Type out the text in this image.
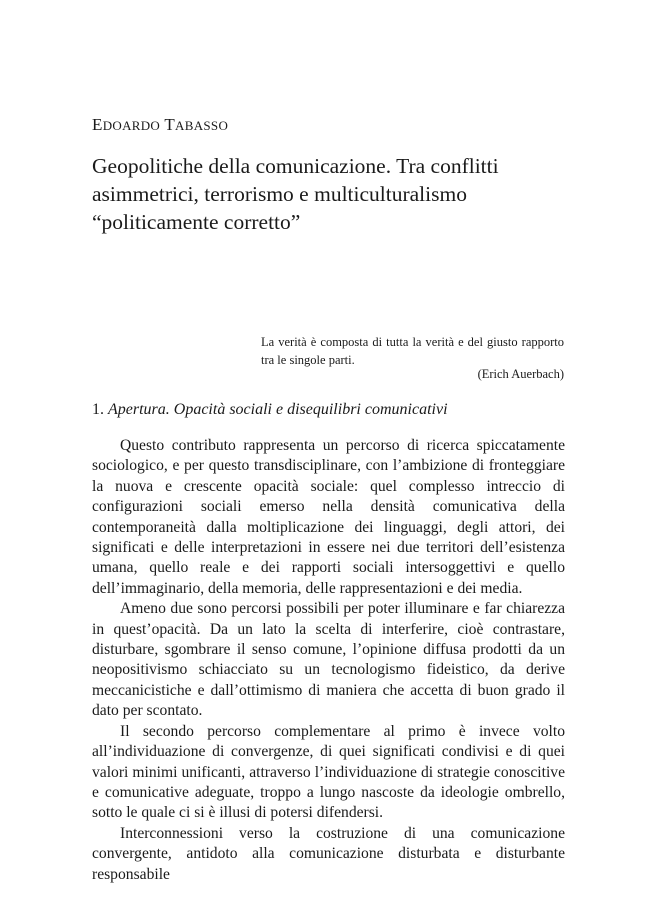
EDOARDO TABASSO
Geopolitiche della comunicazione. Tra conflitti asimmetrici, terrorismo e multiculturalismo “politicamente corretto”

La verità è composta di tutta la verità e del giusto rapporto tra le singole parti.

(Erich Auerbach)

1. Apertura. Opacità sociali e disequilibri comunicativi

Questo contributo rappresenta un percorso di ricerca spiccatamente sociologico, e per questo transdisciplinare, con l’ambizione di fronteggiare la nuova e crescente opacità sociale: quel complesso intreccio di configurazioni sociali emerso nella densità comunicativa della contemporaneità dalla moltiplicazione dei linguaggi, degli attori, dei significati e delle interpretazioni in essere nei due territori dell’esistenza umana, quello reale e dei rapporti sociali intersoggettivi e quello dell’immaginario, della memoria, delle rappresentazioni e dei media.

Ameno due sono percorsi possibili per poter illuminare e far chiarezza in quest’opacità. Da un lato la scelta di interferire, cioè contrastare, disturbare, sgombrare il senso comune, l’opinione diffusa prodotti da un neopositivismo schiacciato su un tecnologismo fideistico, da derive meccanicistiche e dall’ottimismo di maniera che accetta di buon grado il dato per scontato.

Il secondo percorso complementare al primo è invece volto all’individuazione di convergenze, di quei significati condivisi e di quei valori minimi unificanti, attraverso l’individuazione di strategie conoscitive e comunicative adeguate, troppo a lungo nascoste da ideologie ombrello, sotto le quale ci si è illusi di potersi difendersi.

Interconnessioni verso la costruzione di una comunicazione convergente, antidoto alla comunicazione disturbata e disturbante responsabile
